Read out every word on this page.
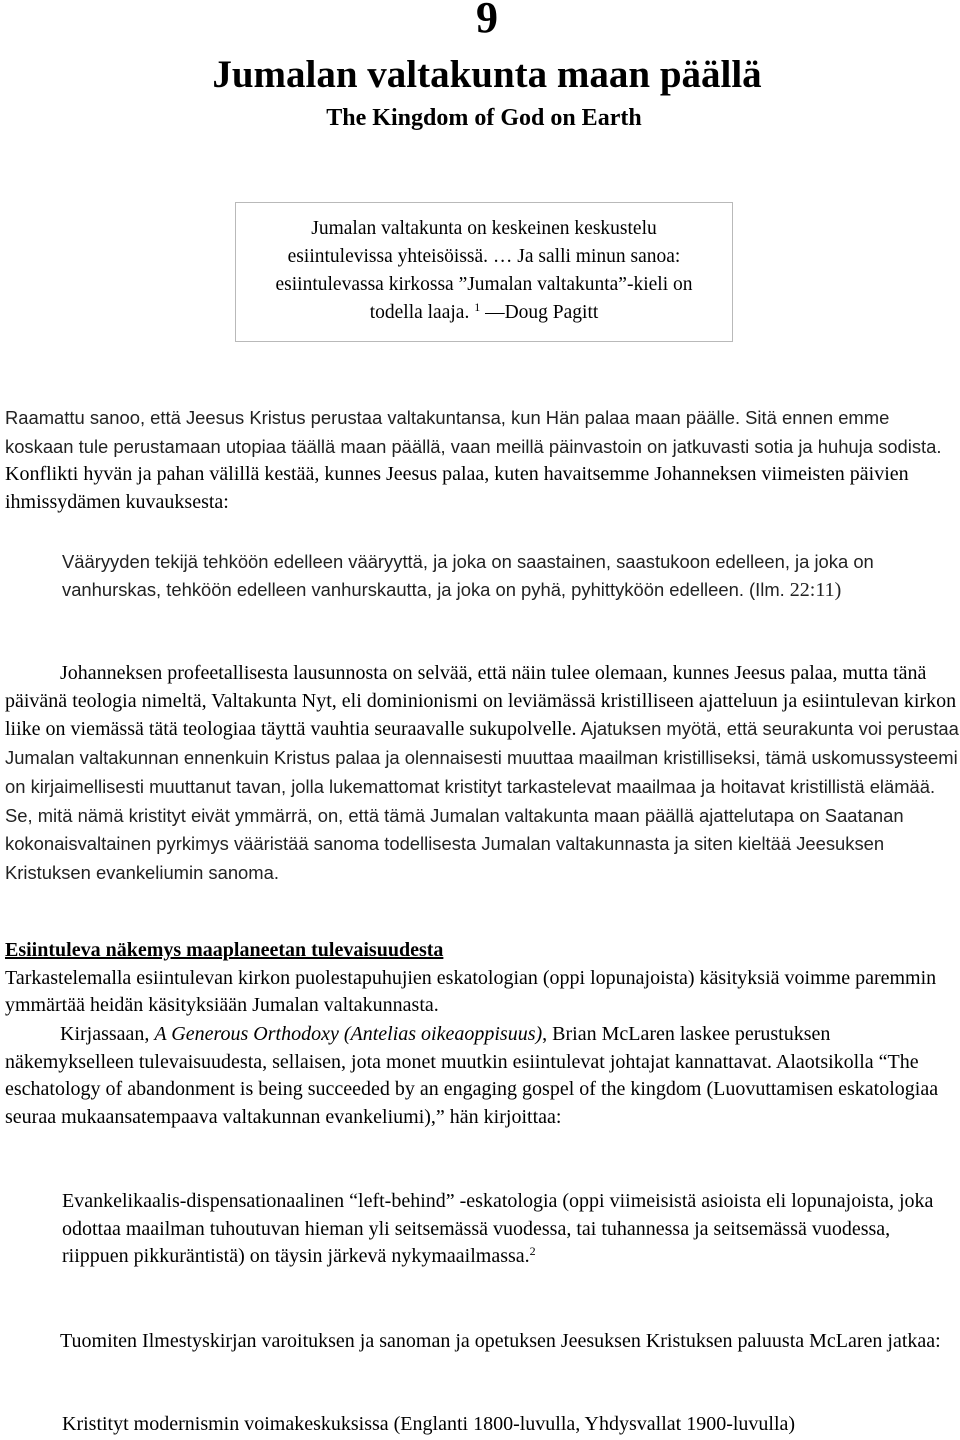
9
Jumalan valtakunta maan päällä
The Kingdom of God on Earth
Jumalan valtakunta on keskeinen keskustelu esiintulevissa yhteisöissä. … Ja salli minun sanoa: esiintulevassa kirkossa ”Jumalan valtakunta”-kieli on todella laaja. $^1$ —Doug Pagitt

Raamattu sanoo, että Jeesus Kristus perustaa valtakuntansa, kun Hän palaa maan päälle. Sitä ennen emme koskaan tule perustamaan utopiaa täällä maan päällä, vaan meillä päinvastoin on jatkuvasti sotia ja huhuja sodista. Konflikti hyvän ja pahan välillä kestää, kunnes Jeesus palaa, kuten havaitsemme Johanneksen viimeisten päivien ihmissydämen kuvauksesta:

Vääryyden tekijä tehköön edelleen vääryyttä, ja joka on saastainen, saastukoon edelleen, ja joka on vanhurskas, tehköön edelleen vanhurskautta, ja joka on pyhä, pyhittyköön edelleen. (Ilm. 22:11)

Johanneksen profeetallisesta lausunnosta on selvää, että näin tulee olemaan, kunnes Jeesus palaa, mutta tänä päivänä teologia nimeltä, Valtakunta Nyt, eli dominionismi on leviämässä kristilliseen ajatteluun ja esiintulevan kirkon liike on viemässä tätä teologiaa täyttä vauhtia seuraavalle sukupolvelle. Ajatuksen myötä, että seurakunta voi perustaa Jumalan valtakunnan ennenkuin Kristus palaa ja olennaisesti muuttaa maailman kristilliseksi, tämä uskomussysteemi on kirjaimellisesti muuttanut tavan, jolla lukemattomat kristityt tarkastelevat maailmaa ja hoitavat kristillistä elämää. Se, mitä nämä kristityt eivät ymmärrä, on, että tämä Jumalan valtakunta maan päällä ajattelutapa on Saatanan kokonaisvaltainen pyrkimys vääristää sanoma todellisesta Jumalan valtakunnasta ja siten kieltää Jeesuksen Kristuksen evankeliumin sanoma.

Esiintuleva näkemys maaplaneetan tulevaisuudesta
Tarkastelemalla esiintulevan kirkon puolestapuhujien eskatologian (oppi lopunajoista) käsityksiä voimme paremmin ymmärtää heidän käsityksiään Jumalan valtakunnasta.

Kirjassaan, A Generous Orthodoxy (Antelias oikeaoppisuus), Brian McLaren laskee perustuksen näkemykselleen tulevaisuudesta, sellaisen, jota monet muutkin esiintulevat johtajat kannattavat. Alaotsikolla “The eschatology of abandonment is being succeeded by an engaging gospel of the kingdom (Luovuttamisen eskatologiaa seuraa mukaansatempaava valtakunnan evankeliumi),” hän kirjoittaa:

Evankelikaalis-dispensationaalinen “left-behind” -eskatologia (oppi viimeisistä asioista eli lopunajoista, joka odottaa maailman tuhoutuvan hieman yli seitsemässä vuodessa, tai tuhannessa ja seitsemässä vuodessa, riippuen pikkuräntistä) on täysin järkevä nykymaailmassa.$^2$

Tuomiten Ilmestyskirjan varoituksen ja sanoman ja opetuksen Jeesuksen Kristuksen paluusta McLaren jatkaa:

Kristityt modernismin voimakeskuksissa (Englanti 1800-luvulla, Yhdysvallat 1900-luvulla)
